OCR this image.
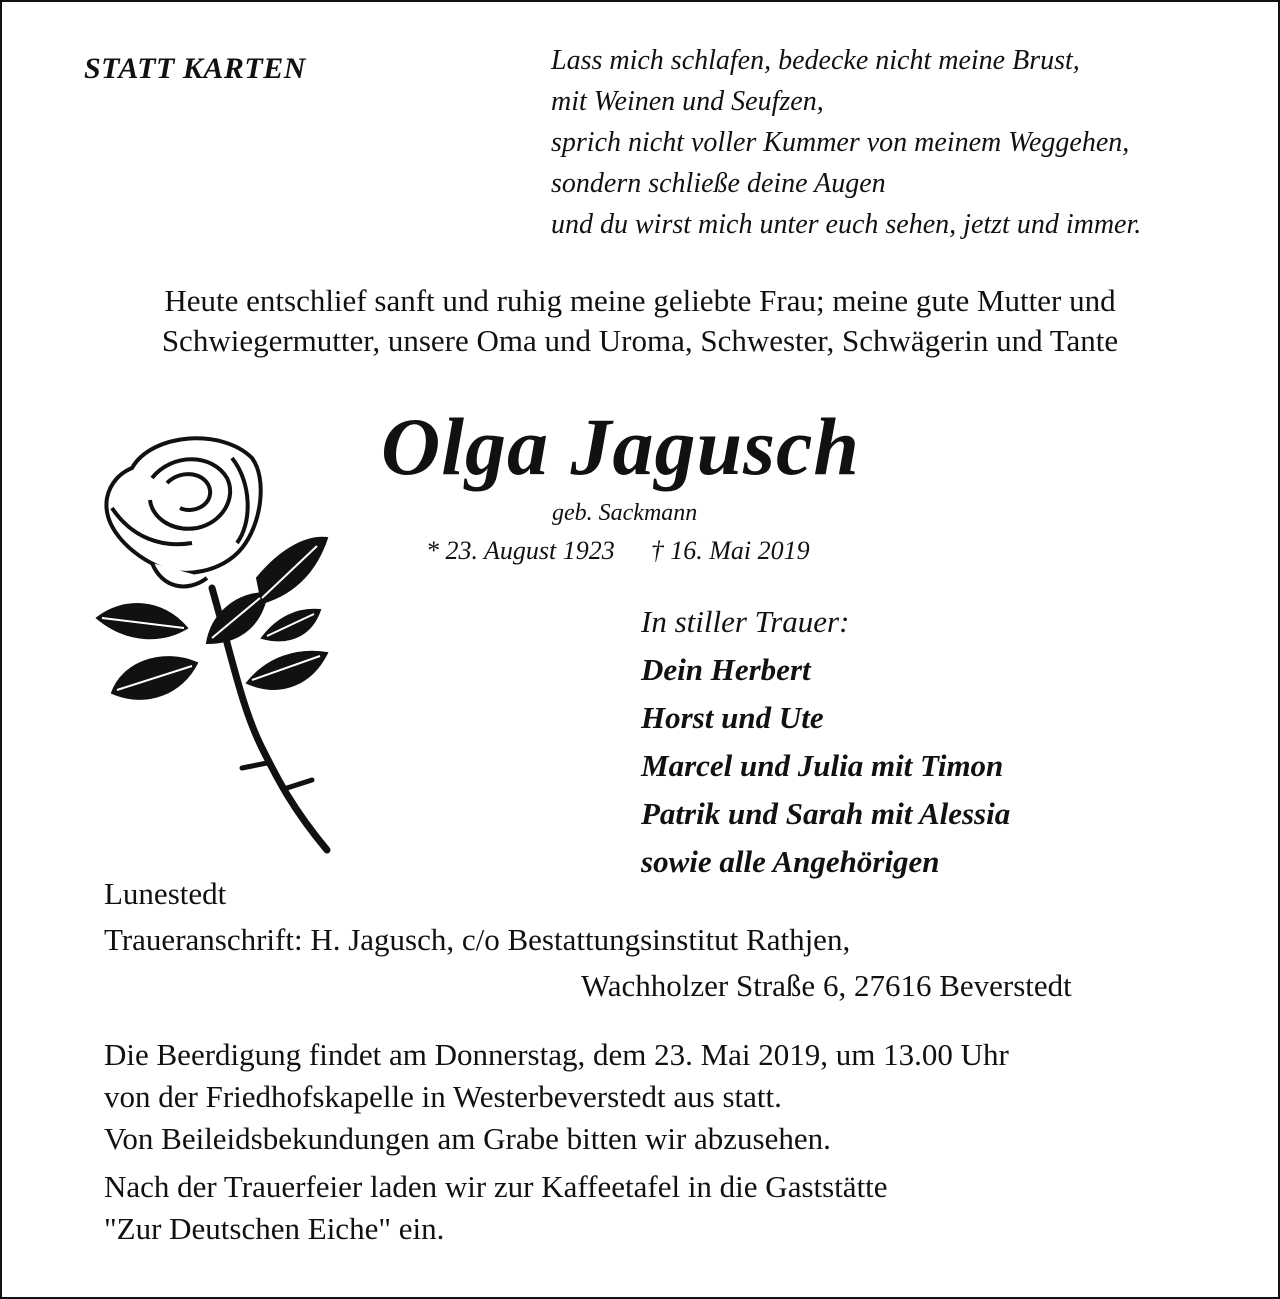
STATT KARTEN	Lass mich schlafen, bedecke nicht meine Brust,
mit Weinen und Seufzen,
sprich nicht voller Kummer von meinem Weggehen,
sondern schließe deine Augen
und du wirst mich unter euch sehen, jetzt und immer.
Heute entschlief sanft und ruhig meine geliebte Frau; meine gute Mutter und
Schwiegermutter, unsere Oma und Uroma, Schwester, Schwägerin und Tante
Olga Jagusch
geb. Sackmann
* 23. August 1923 † 16. Mai 2019
In stiller Trauer:
Dein Herbert
Horst und Ute
Marcel und Julia mit Timon
Patrik und Sarah mit Alessia
sowie alle Angehörigen
Lunestedt
Traueranschrift: H. Jagusch, c/o Bestattungsinstitut Rathjen,
Wachholzer Straße 6, 27616 Beverstedt
Die Beerdigung findet am Donnerstag, dem 23. Mai 2019, um 13.00 Uhr
von der Friedhofskapelle in Westerbeverstedt aus statt.
Von Beileidsbekundungen am Grabe bitten wir abzusehen.
Nach der Trauerfeier laden wir zur Kaffeetafel in die Gaststätte
"Zur Deutschen Eiche" ein.
